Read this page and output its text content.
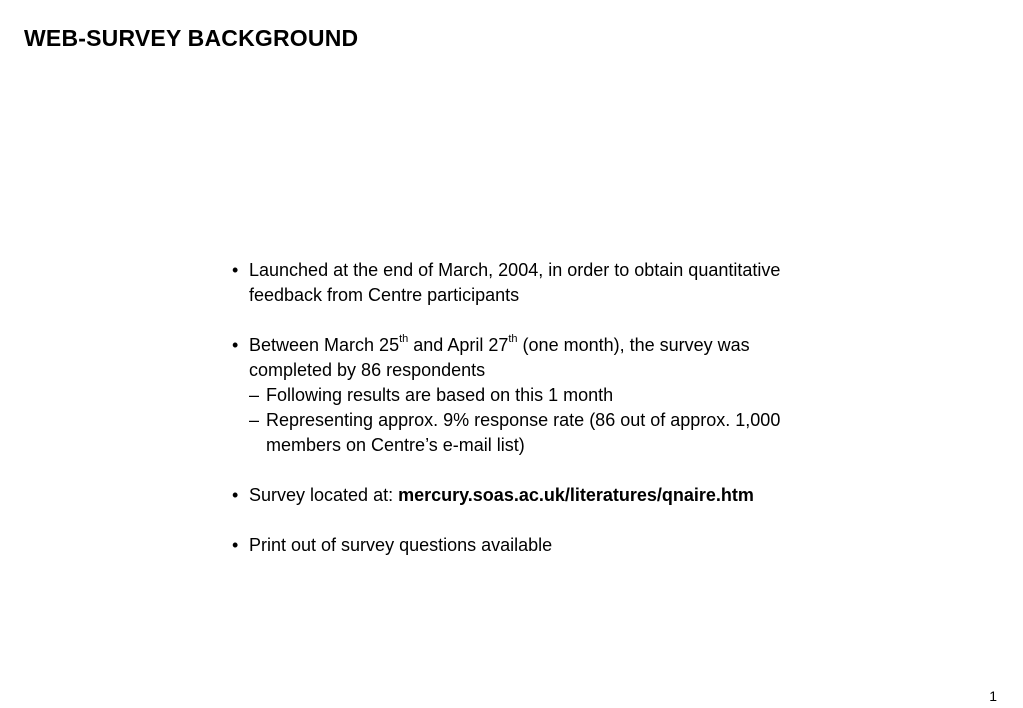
WEB-SURVEY BACKGROUND
• Launched at the end of March, 2004, in order to obtain quantitative
feedback from Centre participants
• Between March 25th and April 27th (one month), the survey was
completed by 86 respondents
– Following results are based on this 1 month
– Representing approx. 9% response rate (86 out of approx. 1,000
members on Centre’s e-mail list)
• Survey located at: mercury.soas.ac.uk/literatures/qnaire.htm
• Print out of survey questions available
1
